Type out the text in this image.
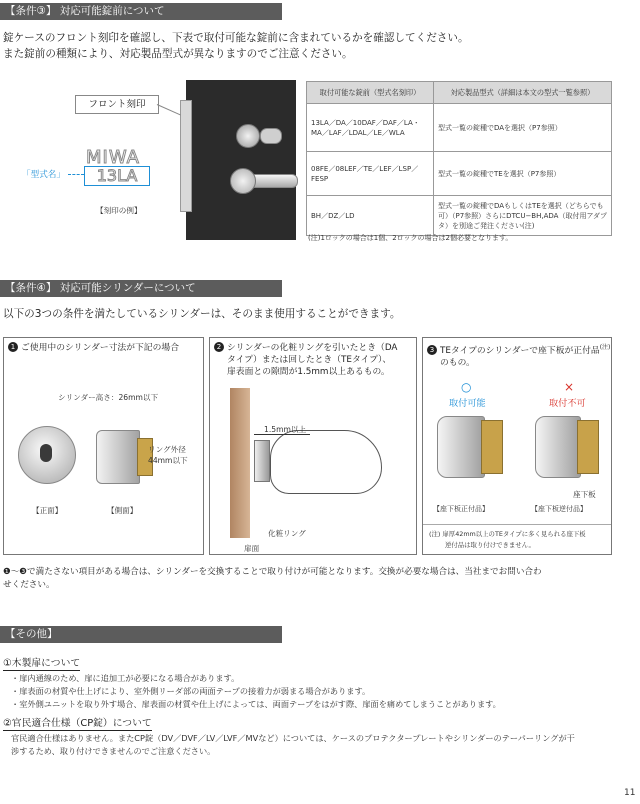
【条件③】 対応可能錠前について
錠ケースのフロント刻印を確認し、下表で取付可能な錠前に含まれているかを確認してください。
また錠前の種類により、対応製品型式が異なりますのでご注意ください。
フロント刻印
MIWA
13LA
「型式名」
【刻印の例】
取付可能な錠前（型式名刻印）	対応製品型式（詳細は本文の型式一覧参照）
13LA／DA／10DAF／DAF／LA・MA／LAF／LDAL／LE／WLA	型式一覧の錠種でDAを選択（P7参照）
08FE／08LEF／TE／LEF／LSP／FESP	型式一覧の錠種でTEを選択（P7参照）
BH／DZ／LD	型式一覧の錠種でDAもしくはTEを選択（どちらでも可）（P7参照）さらにDTCU−BH,ADA（取付用アダプタ）を別途ご発注ください(注)
(注)1ロックの場合は1個、2ロックの場合は2個必要となります。
【条件④】 対応可能シリンダーについて
以下の3つの条件を満たしているシリンダーは、そのまま使用することができます。
1 ご使用中のシリンダー寸法が下記の場合
シリンダー高さ：26mm以下
リング外径
44mm以下
【正面】	【側面】
2 シリンダーの化粧リングを引いたとき（DA
タイプ）または回したとき（TEタイプ）、
扉表面との隙間が1.5mm以上あるもの。
1.5mm以上
化粧リング
扉面
3 TEタイプのシリンダーで座下板が正付品$^{(注)}$
のもの。
○
取付可能
×
取付不可
座下板
【座下板正付品】	【座下板逆付品】
(注) 扉厚42mm以上のTEタイプに多く見られる座下板
逆付品は取り付けできません。
❶〜❸で満たさない項目がある場合は、シリンダーを交換することで取り付けが可能となります。交換が必要な場合は、当社までお問い合わ
せください。
【その他】
①木製扉について
・扉内通線のため、扉に追加工が必要になる場合があります。
・扉表面の材質や仕上げにより、室外側リーダ部の両面テープの接着力が弱まる場合があります。
・室外側ユニットを取り外す場合、扉表面の材質や仕上げによっては、両面テープをはがす際、扉面を痛めてしまうことがあります。
②官民適合仕様（CP錠）について
官民適合仕様はありません。またCP錠（DV／DVF／LV／LVF／MVなど）については、ケースのプロテクタープレートやシリンダーのテーパーリングが干
渉するため、取り付けできませんのでご注意ください。
11
